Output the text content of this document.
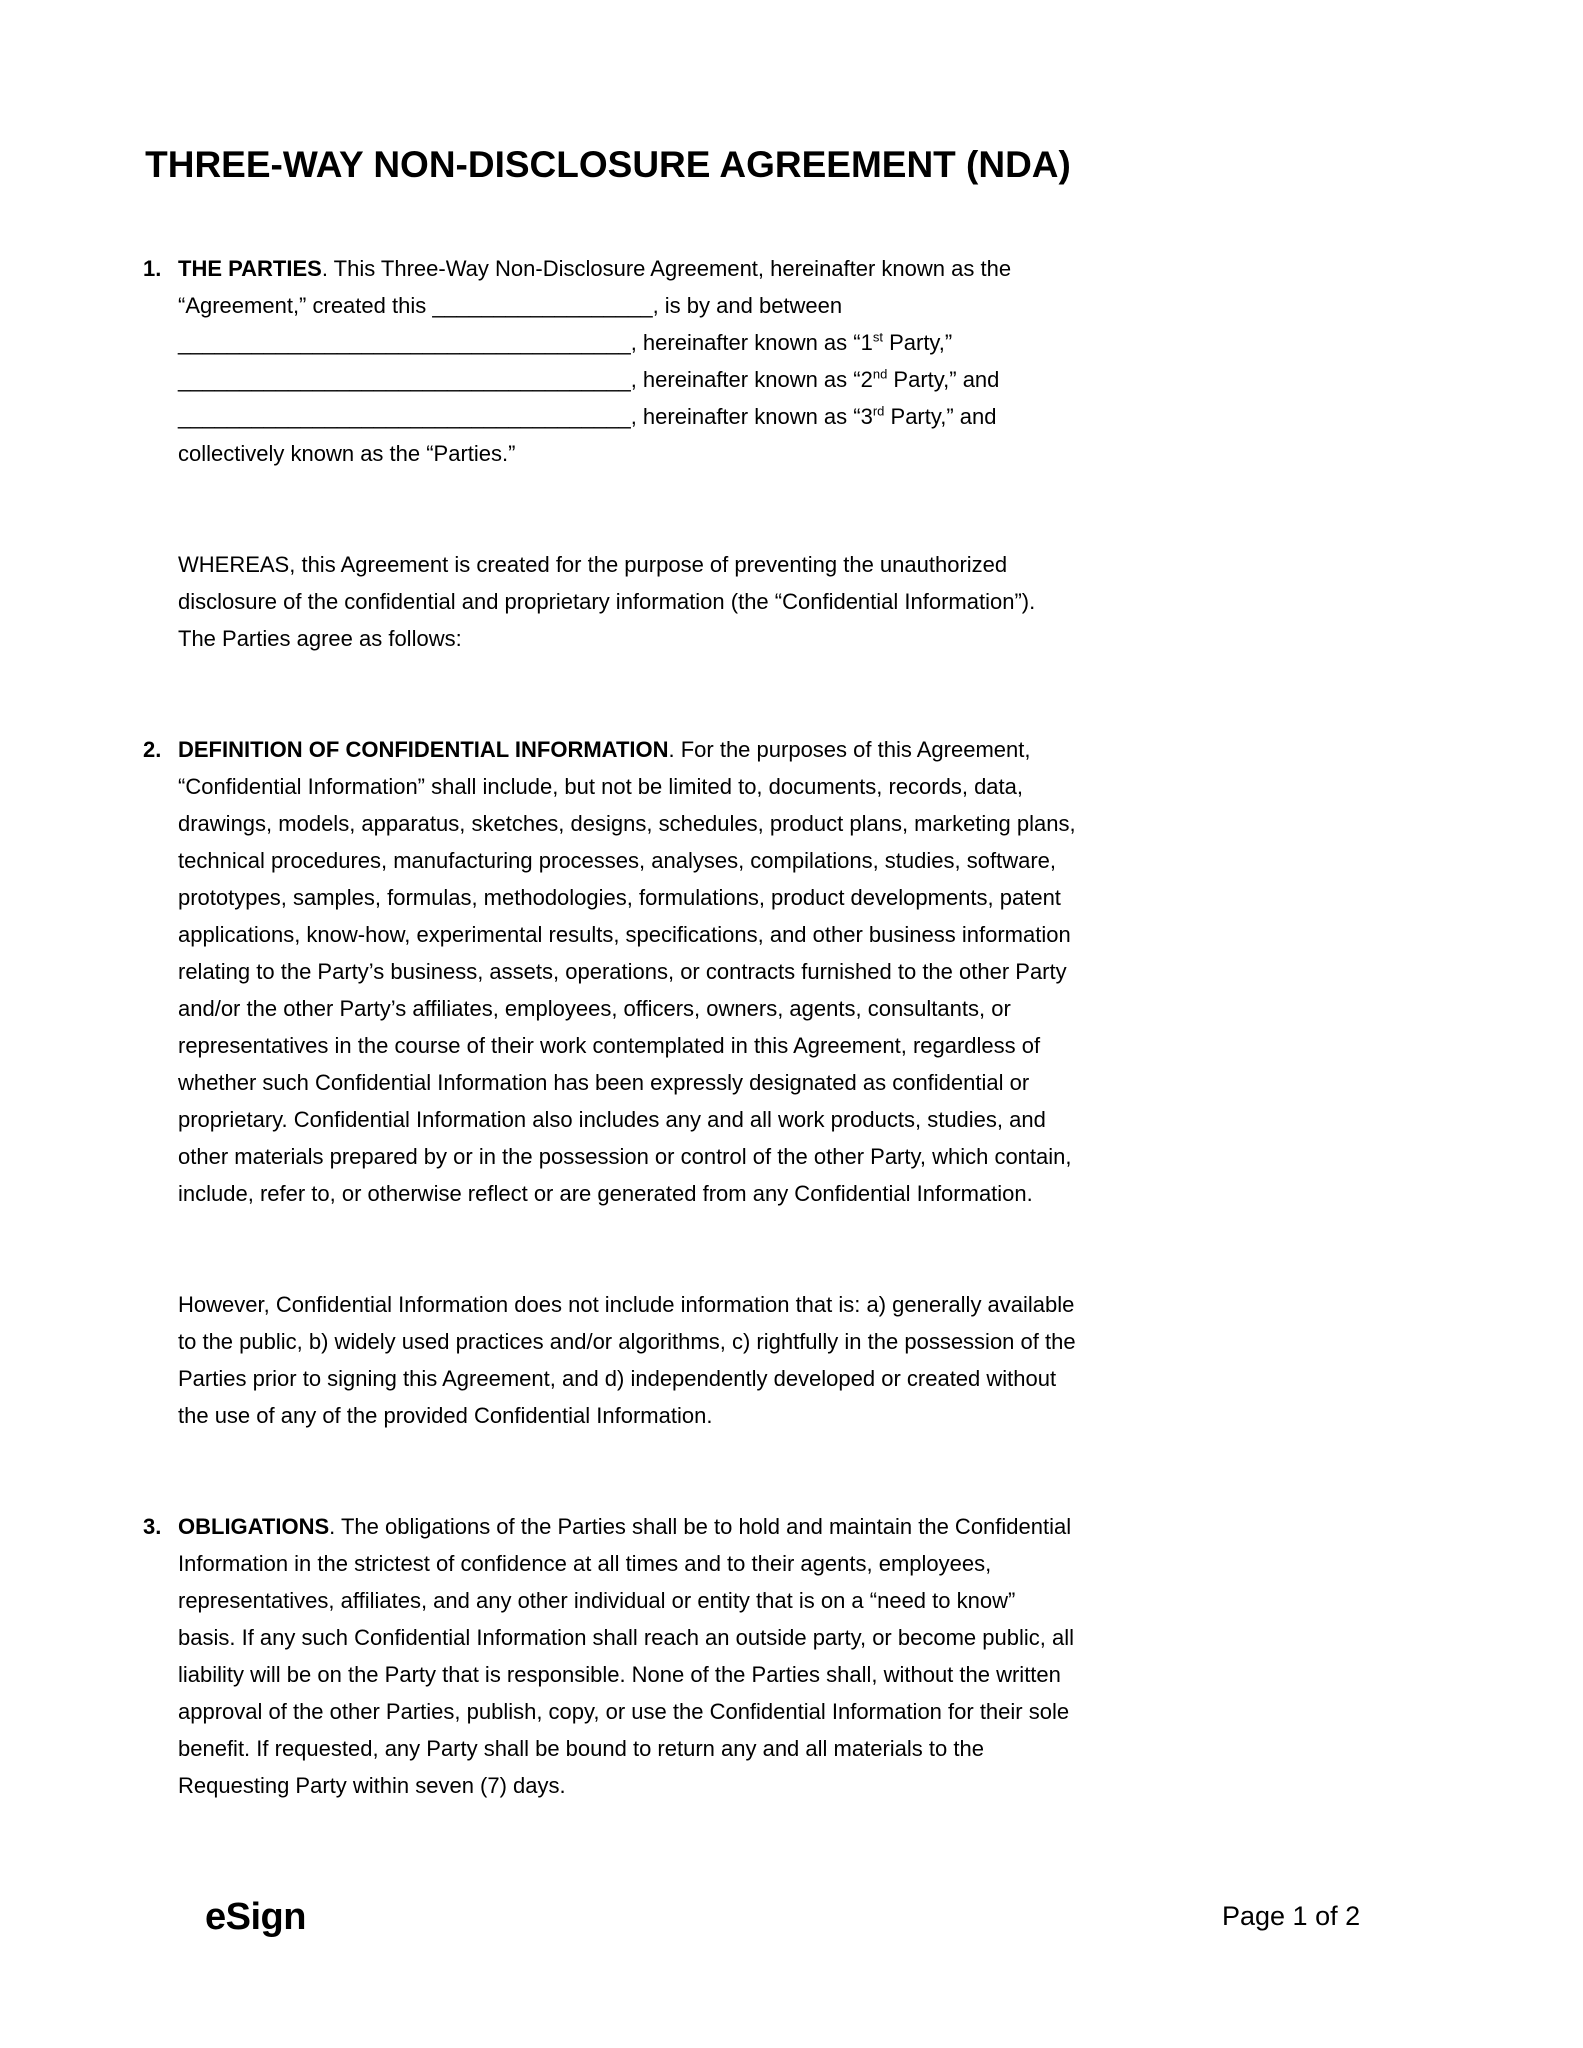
THREE-WAY NON-DISCLOSURE AGREEMENT (NDA)
1. THE PARTIES. This Three-Way Non-Disclosure Agreement, hereinafter known as the
“Agreement,” created this __________________, is by and between
_____________________________________, hereinafter known as “1st Party,”
_____________________________________, hereinafter known as “2nd Party,” and
_____________________________________, hereinafter known as “3rd Party,” and
collectively known as the “Parties.”
WHEREAS, this Agreement is created for the purpose of preventing the unauthorized
disclosure of the confidential and proprietary information (the “Confidential Information”).
The Parties agree as follows:
2. DEFINITION OF CONFIDENTIAL INFORMATION. For the purposes of this Agreement,
“Confidential Information” shall include, but not be limited to, documents, records, data,
drawings, models, apparatus, sketches, designs, schedules, product plans, marketing plans,
technical procedures, manufacturing processes, analyses, compilations, studies, software,
prototypes, samples, formulas, methodologies, formulations, product developments, patent
applications, know-how, experimental results, specifications, and other business information
relating to the Party’s business, assets, operations, or contracts furnished to the other Party
and/or the other Party’s affiliates, employees, officers, owners, agents, consultants, or
representatives in the course of their work contemplated in this Agreement, regardless of
whether such Confidential Information has been expressly designated as confidential or
proprietary. Confidential Information also includes any and all work products, studies, and
other materials prepared by or in the possession or control of the other Party, which contain,
include, refer to, or otherwise reflect or are generated from any Confidential Information.
However, Confidential Information does not include information that is: a) generally available
to the public, b) widely used practices and/or algorithms, c) rightfully in the possession of the
Parties prior to signing this Agreement, and d) independently developed or created without
the use of any of the provided Confidential Information.
3. OBLIGATIONS. The obligations of the Parties shall be to hold and maintain the Confidential
Information in the strictest of confidence at all times and to their agents, employees,
representatives, affiliates, and any other individual or entity that is on a “need to know”
basis. If any such Confidential Information shall reach an outside party, or become public, all
liability will be on the Party that is responsible. None of the Parties shall, without the written
approval of the other Parties, publish, copy, or use the Confidential Information for their sole
benefit. If requested, any Party shall be bound to return any and all materials to the
Requesting Party within seven (7) days.
eSign	Page 1 of 2
